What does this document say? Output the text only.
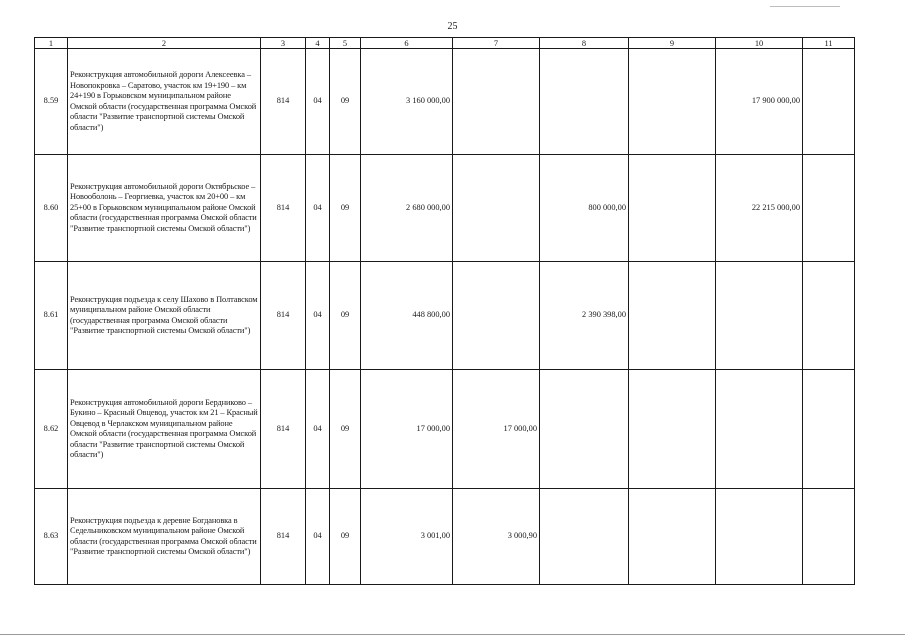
25
1	2	3	4	5	6	7	8	9	10	11
8.59	Реконструкция автомобильной дороги Алексеевка – Новопокровка – Саратово, участок км 19+190 – км 24+190 в Горьковском муниципальном районе Омской области (государственная программа Омской области "Развитие транспортной системы Омской области")	814	04	09	3 160 000,00				17 900 000,00	
8.60	Реконструкция автомобильной дороги Октябрьское – Новооболонь – Георгиевка, участок км 20+00 – км 25+00 в Горьковском муниципальном районе Омской области (государственная программа Омской области "Развитие транспортной системы Омской области")	814	04	09	2 680 000,00		800 000,00		22 215 000,00	
8.61	Реконструкция подъезда к селу Шахово в Полтавском муниципальном районе Омской области (государственная программа Омской области "Развитие транспортной системы Омской области")	814	04	09	448 800,00		2 390 398,00			
8.62	Реконструкция автомобильной дороги Бердниково – Букино – Красный Овцевод, участок км 21 – Красный Овцевод в Черлакском муниципальном районе Омской области (государственная программа Омской области "Развитие транспортной системы Омской области")	814	04	09	17 000,00	17 000,00				
8.63	Реконструкция подъезда к деревне Богдановка в Седельниковском муниципальном районе Омской области (государственная программа Омской области "Развитие транспортной системы Омской области")	814	04	09	3 001,00	3 000,90				
